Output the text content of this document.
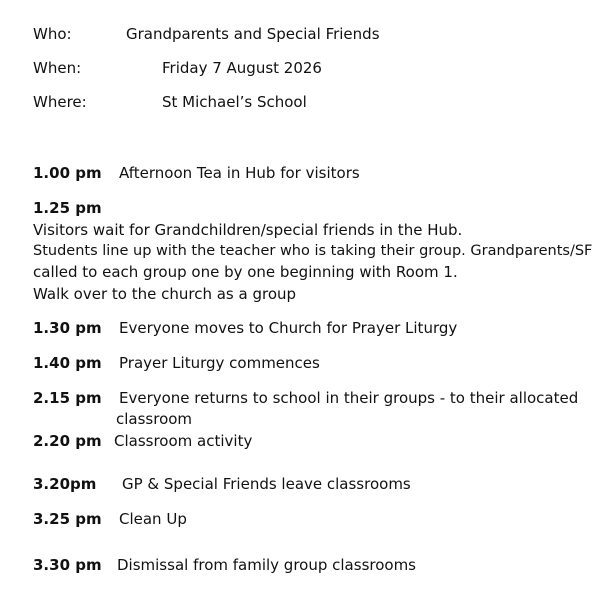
Who:	Grandparents and Special Friends
When:	Friday 7 August 2026
Where:	St Michael’s School
1.00 pm Afternoon Tea in Hub for visitors
1.25 pm
Visitors wait for Grandchildren/special friends in the Hub.
Students line up with the teacher who is taking their group. Grandparents/SF
called to each group one by one beginning with Room 1.
Walk over to the church as a group
1.30 pm Everyone moves to Church for Prayer Liturgy
1.40 pm Prayer Liturgy commences
2.15 pm Everyone returns to school in their groups - to their allocated
classroom
2.20 pm Classroom activity
3.20pm GP & Special Friends leave classrooms
3.25 pm Clean Up
3.30 pm Dismissal from family group classrooms
